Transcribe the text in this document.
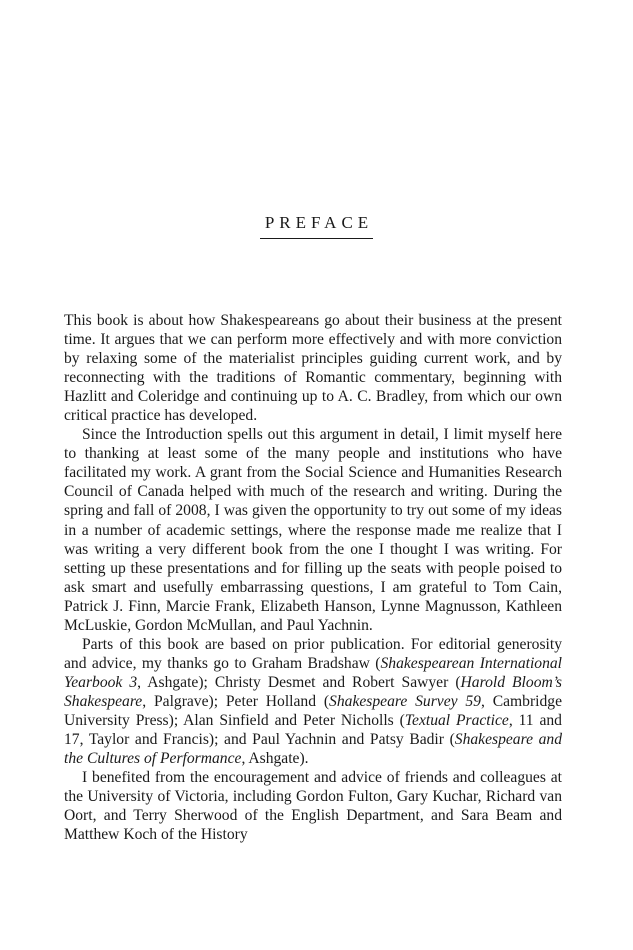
PREFACE

This book is about how Shakespeareans go about their business at the present time. It argues that we can perform more effectively and with more conviction by relaxing some of the materialist principles guiding current work, and by reconnecting with the traditions of Romantic commentary, beginning with Hazlitt and Coleridge and continuing up to A. C. Bradley, from which our own critical practice has developed.

Since the Introduction spells out this argument in detail, I limit myself here to thanking at least some of the many people and institutions who have facilitated my work. A grant from the Social Science and Humanities Research Council of Canada helped with much of the research and writing. During the spring and fall of 2008, I was given the opportunity to try out some of my ideas in a number of academic settings, where the response made me realize that I was writing a very different book from the one I thought I was writing. For setting up these presentations and for filling up the seats with people poised to ask smart and usefully embarrassing questions, I am grateful to Tom Cain, Patrick J. Finn, Marcie Frank, Elizabeth Hanson, Lynne Magnusson, Kathleen McLuskie, Gordon McMullan, and Paul Yachnin.

Parts of this book are based on prior publication. For editorial generosity and advice, my thanks go to Graham Bradshaw (Shakespearean International Yearbook 3, Ashgate); Christy Desmet and Robert Sawyer (Harold Bloom’s Shakespeare, Palgrave); Peter Holland (Shakespeare Survey 59, Cambridge University Press); Alan Sinfield and Peter Nicholls (Textual Practice, 11 and 17, Taylor and Francis); and Paul Yachnin and Patsy Badir (Shakespeare and the Cultures of Performance, Ashgate).

I benefited from the encouragement and advice of friends and colleagues at the University of Victoria, including Gordon Fulton, Gary Kuchar, Richard van Oort, and Terry Sherwood of the English Department, and Sara Beam and Matthew Koch of the History
